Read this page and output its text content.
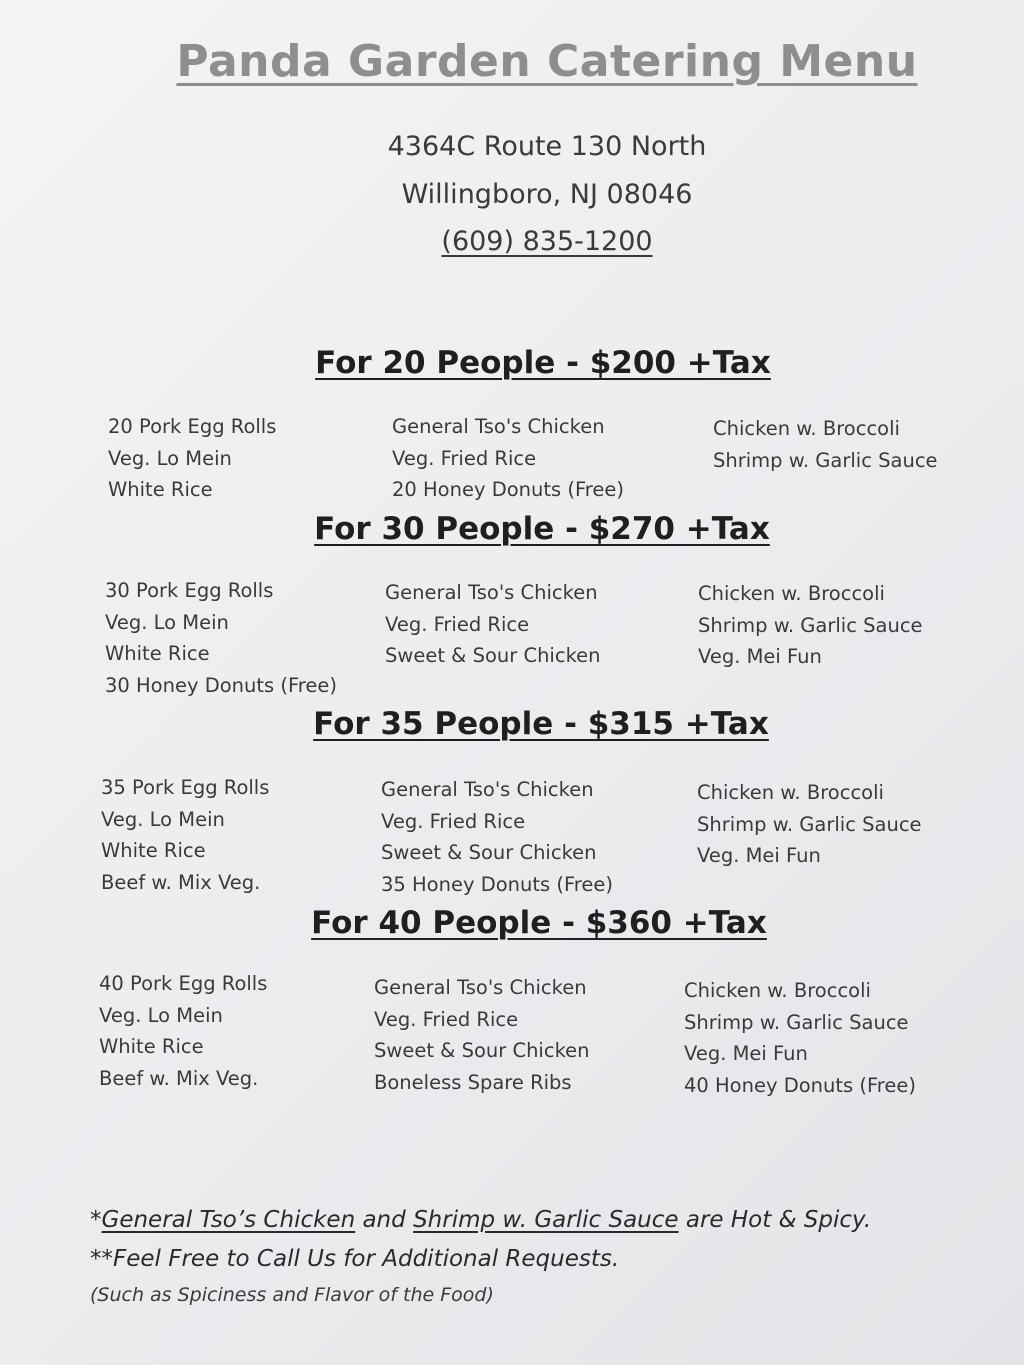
Panda Garden Catering Menu
4364C Route 130 North
Willingboro, NJ 08046
(609) 835-1200
For 20 People - $200 +Tax
20 Pork Egg Rolls
Veg. Lo Mein
White Rice
General Tso's Chicken
Veg. Fried Rice
20 Honey Donuts (Free)
Chicken w. Broccoli
Shrimp w. Garlic Sauce
For 30 People - $270 +Tax
30 Pork Egg Rolls
Veg. Lo Mein
White Rice
30 Honey Donuts (Free)
General Tso's Chicken
Veg. Fried Rice
Sweet & Sour Chicken
Chicken w. Broccoli
Shrimp w. Garlic Sauce
Veg. Mei Fun
For 35 People - $315 +Tax
35 Pork Egg Rolls
Veg. Lo Mein
White Rice
Beef w. Mix Veg.
General Tso's Chicken
Veg. Fried Rice
Sweet & Sour Chicken
35 Honey Donuts (Free)
Chicken w. Broccoli
Shrimp w. Garlic Sauce
Veg. Mei Fun
For 40 People - $360 +Tax
40 Pork Egg Rolls
Veg. Lo Mein
White Rice
Beef w. Mix Veg.
General Tso's Chicken
Veg. Fried Rice
Sweet & Sour Chicken
Boneless Spare Ribs
Chicken w. Broccoli
Shrimp w. Garlic Sauce
Veg. Mei Fun
40 Honey Donuts (Free)
*General Tso’s Chicken and Shrimp w. Garlic Sauce are Hot & Spicy.
**Feel Free to Call Us for Additional Requests.
(Such as Spiciness and Flavor of the Food)
